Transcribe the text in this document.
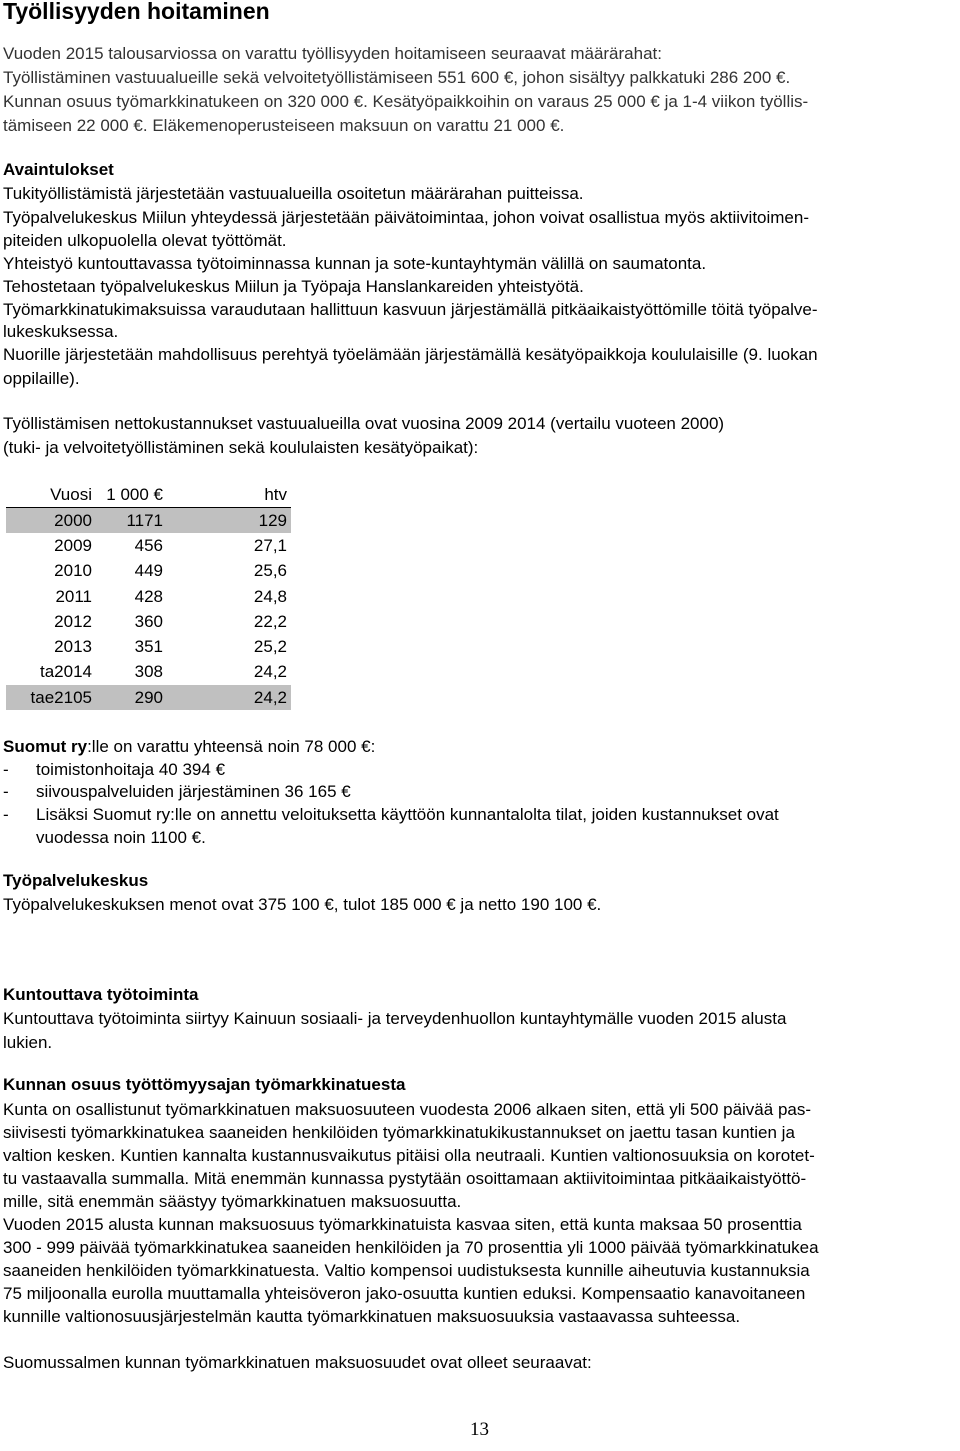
Työllisyyden hoitaminen
Vuoden 2015 talousarviossa on varattu työllisyyden hoitamiseen seuraavat määrärahat:
Työllistäminen vastuualueille sekä velvoitetyöllistämiseen 551 600 €, johon sisältyy palkkatuki 286 200 €.
Kunnan osuus työmarkkinatukeen on 320 000 €. Kesätyöpaikkoihin on varaus 25 000 € ja 1-4 viikon työllis-
tämiseen 22 000 €. Eläkemenoperusteiseen maksuun on varattu 21 000 €.
Avaintulokset
Tukityöllistämistä järjestetään vastuualueilla osoitetun määrärahan puitteissa.
Työpalvelukeskus Miilun yhteydessä järjestetään päivätoimintaa, johon voivat osallistua myös aktiivitoimen-
piteiden ulkopuolella olevat työttömät.
Yhteistyö kuntouttavassa työtoiminnassa kunnan ja sote-kuntayhtymän välillä on saumatonta.
Tehostetaan työpalvelukeskus Miilun ja Työpaja Hanslankareiden yhteistyötä.
Työmarkkinatukimaksuissa varaudutaan hallittuun kasvuun järjestämällä pitkäaikaistyöttömille töitä työpalve-
lukeskuksessa.
Nuorille järjestetään mahdollisuus perehtyä työelämään järjestämällä kesätyöpaikkoja koululaisille (9. luokan
oppilaille).
Työllistämisen nettokustannukset vastuualueilla ovat vuosina 2009 2014 (vertailu vuoteen 2000)
(tuki- ja velvoitetyöllistäminen sekä koululaisten kesätyöpaikat):
Vuosi	1 000 €	htv
2000	1171	129
2009	456	27,1
2010	449	25,6
2011	428	24,8
2012	360	22,2
2013	351	25,2
ta2014	308	24,2
tae2105	290	24,2
Suomut ry:lle on varattu yhteensä noin 78 000 €:
- toimistonhoitaja 40 394 €
- siivouspalveluiden järjestäminen 36 165 €
- Lisäksi Suomut ry:lle on annettu veloituksetta käyttöön kunnantalolta tilat, joiden kustannukset ovat
vuodessa noin 1100 €.
Työpalvelukeskus
Työpalvelukeskuksen menot ovat 375 100 €, tulot 185 000 € ja netto 190 100 €.
Kuntouttava työtoiminta
Kuntouttava työtoiminta siirtyy Kainuun sosiaali- ja terveydenhuollon kuntayhtymälle vuoden 2015 alusta
lukien.
Kunnan osuus työttömyysajan työmarkkinatuesta
Kunta on osallistunut työmarkkinatuen maksuosuuteen vuodesta 2006 alkaen siten, että yli 500 päivää pas-
siivisesti työmarkkinatukea saaneiden henkilöiden työmarkkinatukikustannukset on jaettu tasan kuntien ja
valtion kesken. Kuntien kannalta kustannusvaikutus pitäisi olla neutraali. Kuntien valtionosuuksia on korotet-
tu vastaavalla summalla. Mitä enemmän kunnassa pystytään osoittamaan aktiivitoimintaa pitkäaikaistyöttö-
mille, sitä enemmän säästyy työmarkkinatuen maksuosuutta.
Vuoden 2015 alusta kunnan maksuosuus työmarkkinatuista kasvaa siten, että kunta maksaa 50 prosenttia
300 - 999 päivää työmarkkinatukea saaneiden henkilöiden ja 70 prosenttia yli 1000 päivää työmarkkinatukea
saaneiden henkilöiden työmarkkinatuesta. Valtio kompensoi uudistuksesta kunnille aiheutuvia kustannuksia
75 miljoonalla eurolla muuttamalla yhteisöveron jako-osuutta kuntien eduksi. Kompensaatio kanavoitaneen
kunnille valtionosuusjärjestelmän kautta työmarkkinatuen maksuosuuksia vastaavassa suhteessa.
Suomussalmen kunnan työmarkkinatuen maksuosuudet ovat olleet seuraavat:
13
